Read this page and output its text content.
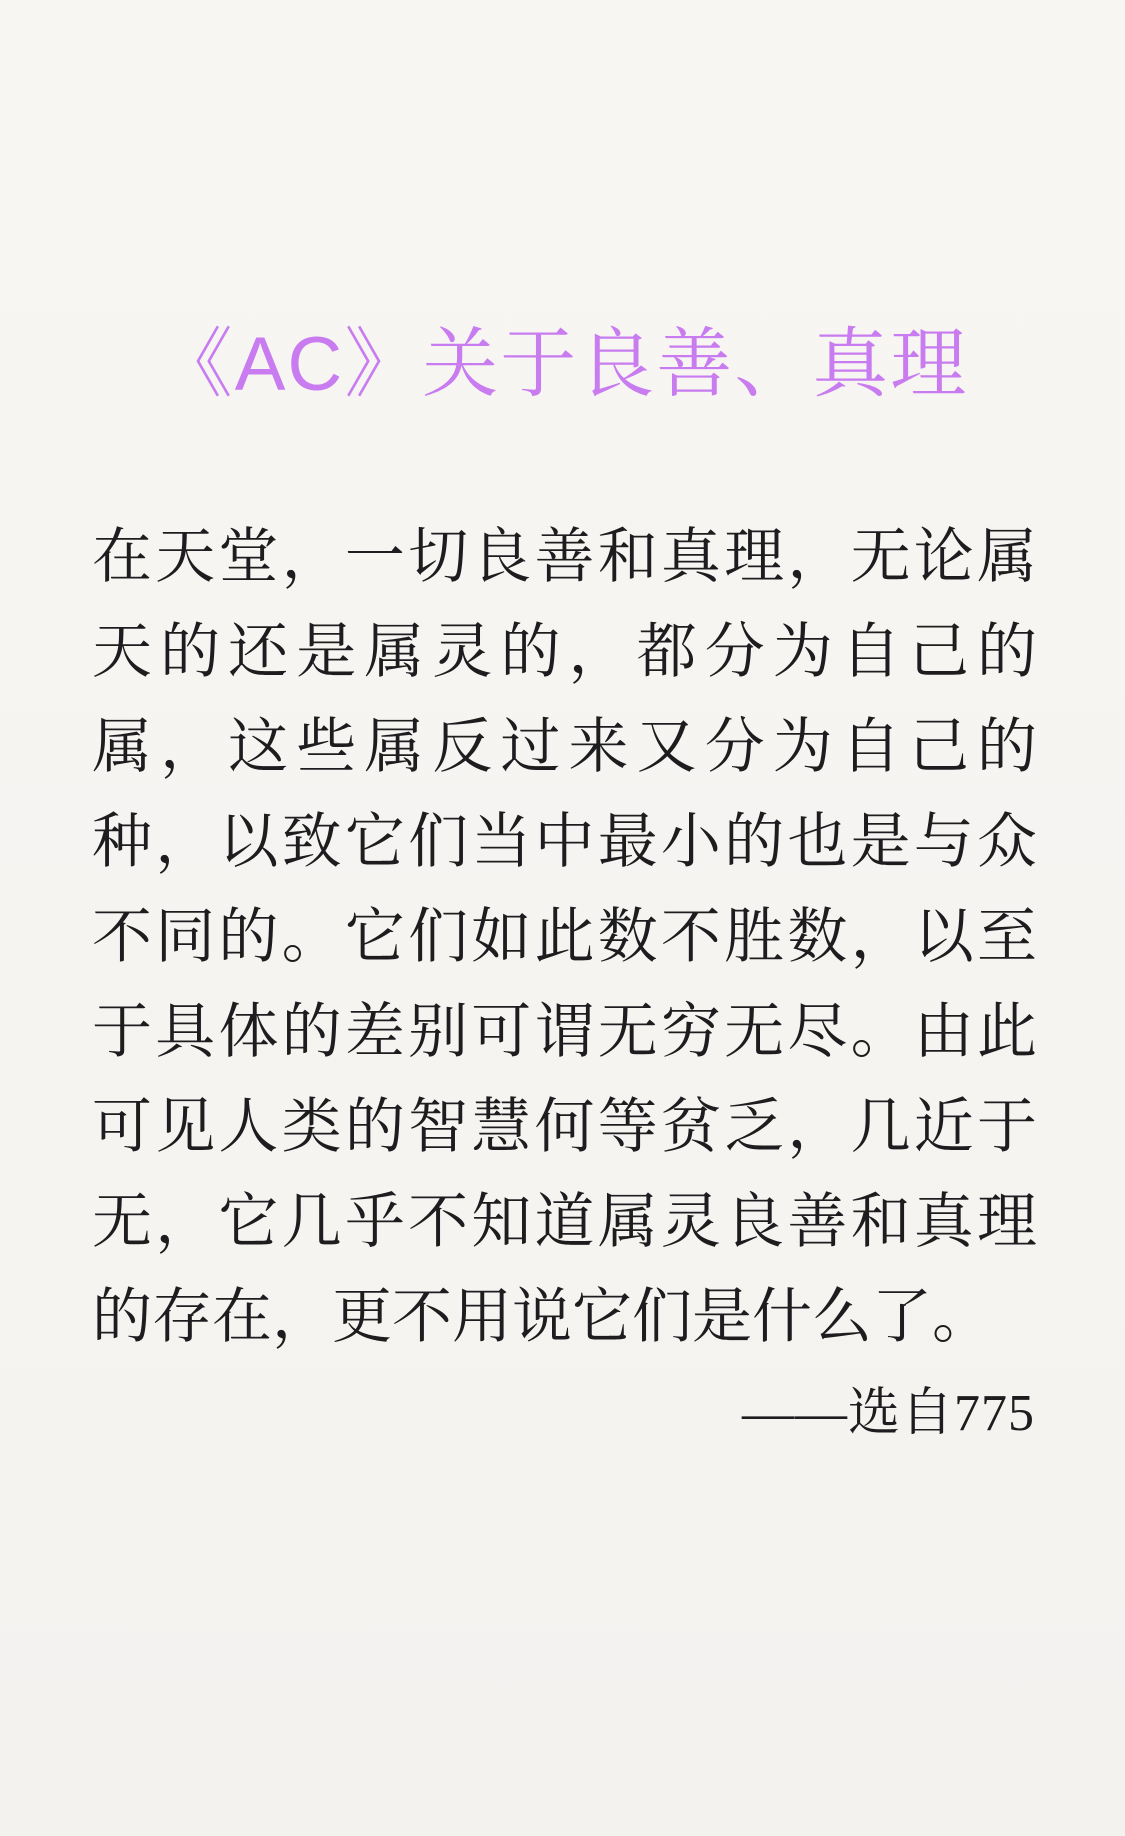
《AC》关于良善、真理
在天堂，一切良善和真理，无论属天的还是属灵的，都分为自己的属，这些属反过来又分为自己的种，以致它们当中最小的也是与众不同的。它们如此数不胜数，以至于具体的差别可谓无穷无尽。由此可见人类的智慧何等贫乏，几近于无，它几乎不知道属灵良善和真理的存在，更不用说它们是什么了。
——选自775
